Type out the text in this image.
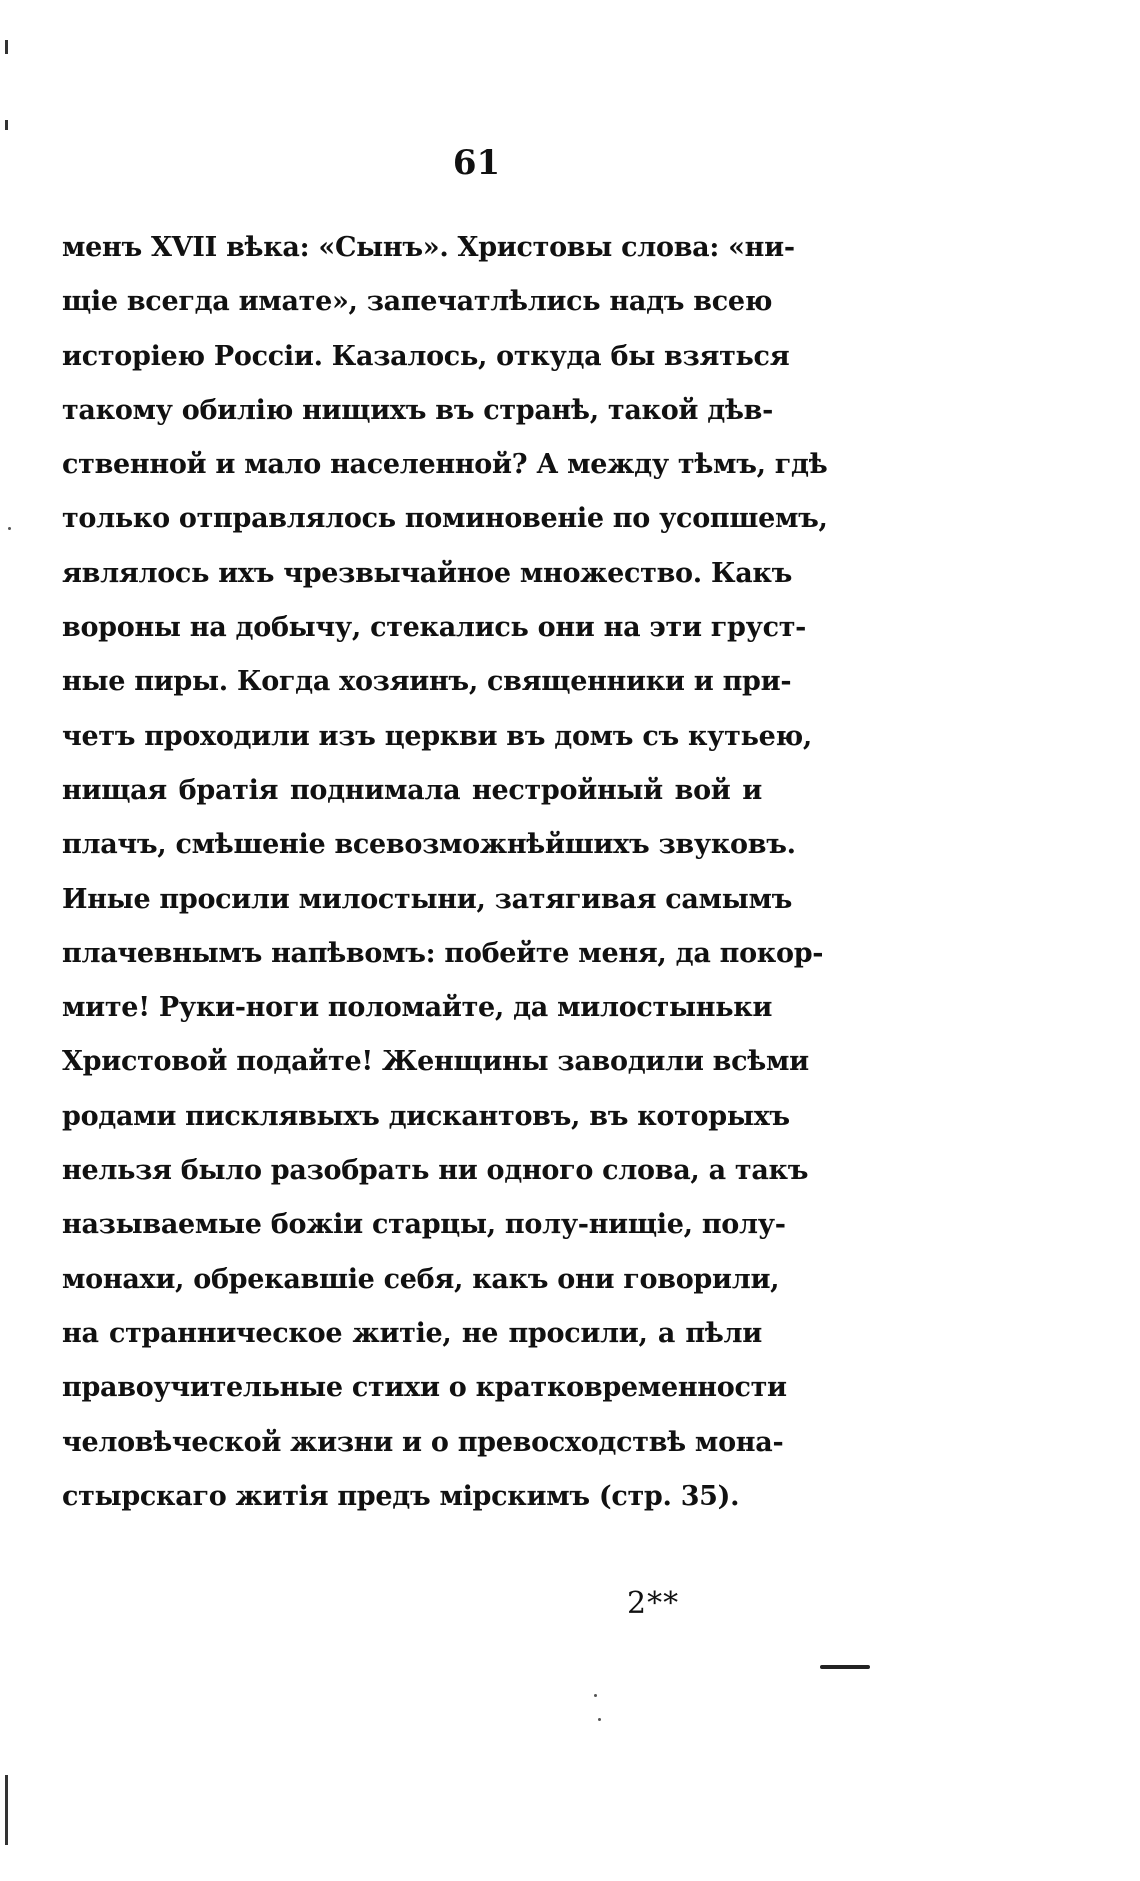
61
менъ XVII вѣка: «Сынъ». Христовы слова: «ни-
щіе всегда имате», запечатлѣлись надъ всею
исторіею Россіи. Казалось, откуда бы взяться
такому обилію нищихъ въ странѣ, такой дѣв-
ственной и мало населенной? А между тѣмъ, гдѣ
только отправлялось поминовеніе по усопшемъ,
являлось ихъ чрезвычайное множество. Какъ
вороны на добычу, стекались они на эти груст-
ные пиры. Когда хозяинъ, священники и при-
четъ проходили изъ церкви въ домъ съ кутьею,
нищая братія поднимала нестройный вой и
плачъ, смѣшеніе всевозможнѣйшихъ звуковъ.
Иные просили милостыни, затягивая самымъ
плачевнымъ напѣвомъ: побейте меня, да покор-
мите! Руки-ноги поломайте, да милостыньки
Христовой подайте! Женщины заводили всѣми
родами писклявыхъ дискантовъ, въ которыхъ
нельзя было разобрать ни одного слова, а такъ
называемые божіи старцы, полу-нищіе, полу-
монахи, обрекавшіе себя, какъ они говорили,
на странническое житіе, не просили, а пѣли
правоучительные стихи о кратковременности
человѣческой жизни и о превосходствѣ мона-
стырскаго житія предъ мірскимъ (стр. 35).
2**
